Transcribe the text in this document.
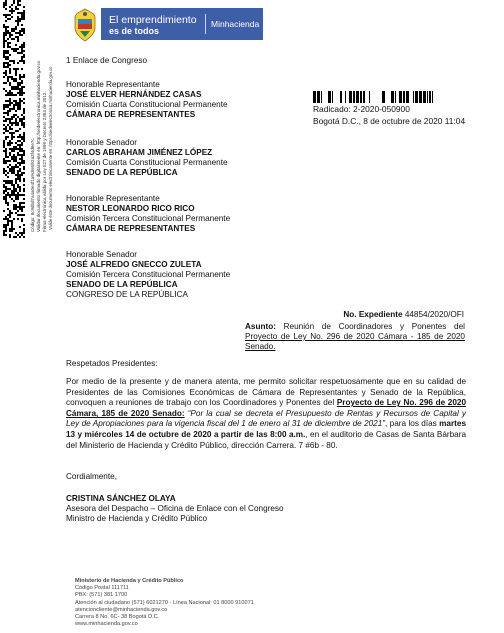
Código: 8c9d5d7a4a0e4f1a9c8e5b2a3f4d6e7c Validar documento firmado digitalmente en: http://sedeelectronica.minhacienda.gov.co Firma electrónica válida por Ley 527 de 1999 y Decreto 2364 de 2012. Valide éste documento electrónicamente en: https://sedeelectronica.minhacienda.gov.co
El emprendimiento
es de todos
Minhacienda
1 Enlace de Congreso
Radicado: 2-2020-050900
Bogotá D.C., 8 de octubre de 2020 11:04
Honorable Representante
JOSÉ ELVER HERNÁNDEZ CASAS
Comisión Cuarta Constitucional Permanente
CÁMARA DE REPRESENTANTES
Honorable Senador
CARLOS ABRAHAM JIMÉNEZ LÓPEZ
Comisión Cuarta Constitucional Permanente
SENADO DE LA REPÚBLICA
Honorable Representante
NESTOR LEONARDO RICO RICO
Comisión Tercera Constitucional Permanente
CÁMARA DE REPRESENTANTES
Honorable Senador
JOSÉ ALFREDO GNECCO ZULETA
Comisión Tercera Constitucional Permanente
SENADO DE LA REPÚBLICA
CONGRESO DE LA REPÚBLICA
No. Expediente 44854/2020/OFI
Asunto: Reunión de Coordinadores y Ponentes del
Proyecto de Ley No. 296 de 2020 Cámara - 185 de 2020
Senado.
Respetados Presidentes:
Por medio de la presente y de manera atenta, me permito solicitar respetuosamente que en su calidad de Presidentes de las Comisiones Económicas de Cámara de Representantes y Senado de la República, convoquen a reuniones de trabajo con los Coordinadores y Ponentes del Proyecto de Ley No. 296 de 2020 Cámara, 185 de 2020 Senado: “Por la cual se decreta el Presupuesto de Rentas y Recursos de Capital y Ley de Apropiaciones para la vigencia fiscal del 1 de enero al 31 de diciembre de 2021”, para los días martes 13 y miércoles 14 de octubre de 2020 a partir de las 8:00 a.m., en el auditorio de Casas de Santa Bárbara del Ministerio de Hacienda y Crédito Público, dirección Carrera. 7 #6b - 80.
Cordialmente,
CRISTINA SÁNCHEZ OLAYA
Asesora del Despacho – Oficina de Enlace con el Congreso
Ministro de Hacienda y Crédito Público
Ministerio de Hacienda y Crédito Público
Código Postal 111711
PBX: (571) 381 1700
Atención al ciudadano (571) 6021270 - Línea Nacional: 01 8000 910071
atencioncliente@minhacienda.gov.co
Carrera 8 No. 6C- 38 Bogotá D.C.
www.minhacienda.gov.co
